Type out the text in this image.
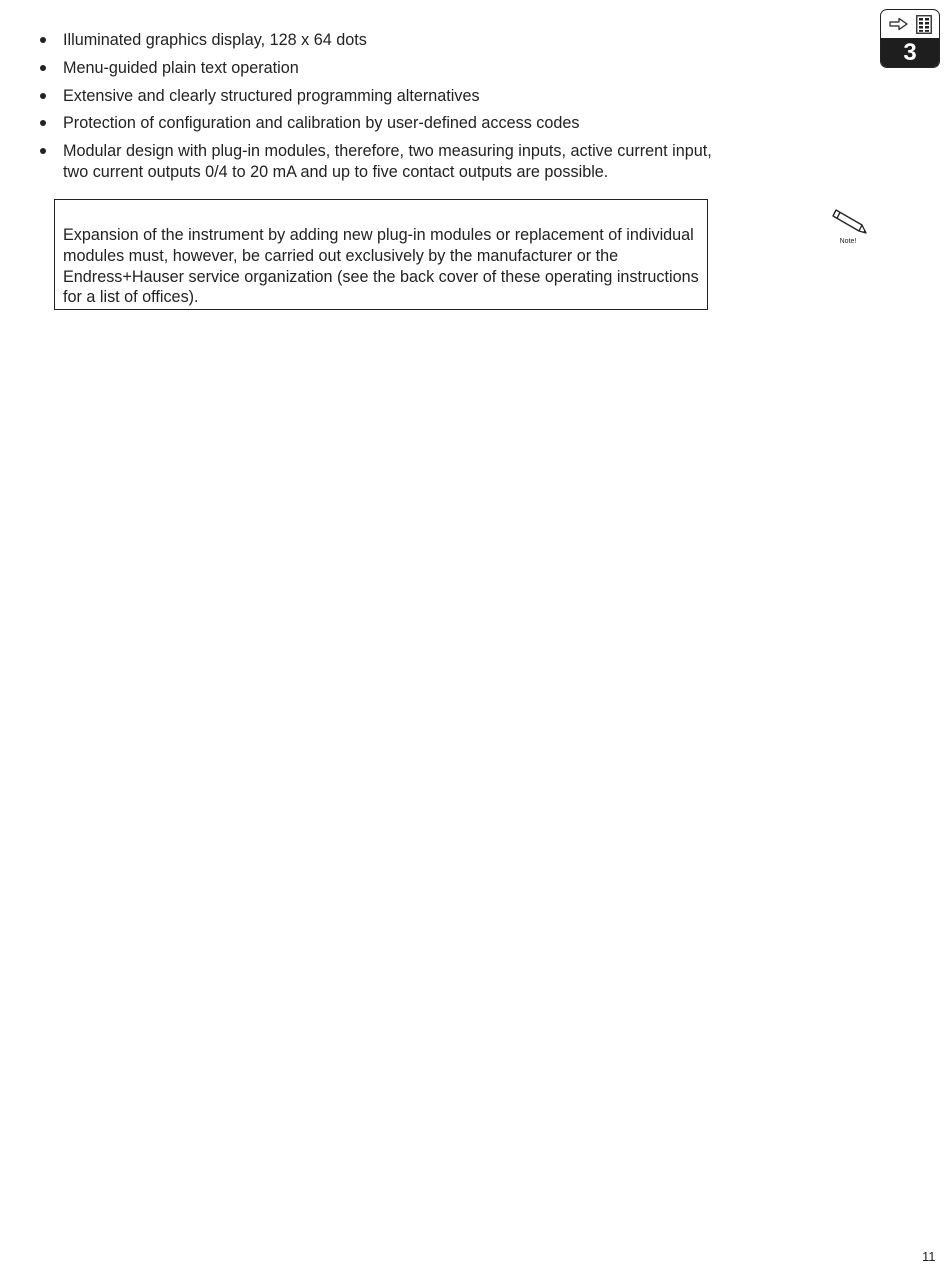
Illuminated graphics display, 128 x 64 dots
Menu-guided plain text operation
Extensive and clearly structured programming alternatives
Protection of configuration and calibration by user-defined access codes
Modular design with plug-in modules, therefore, two measuring inputs, active current input, two current outputs 0/4 to 20 mA and up to five contact outputs are possible.

Expansion of the instrument by adding new plug-in modules or replacement of individual modules must, however, be carried out exclusively by the manufacturer or the Endress+Hauser service organization (see the back cover of these operating instructions for a list of offices).

Note!
3
11
